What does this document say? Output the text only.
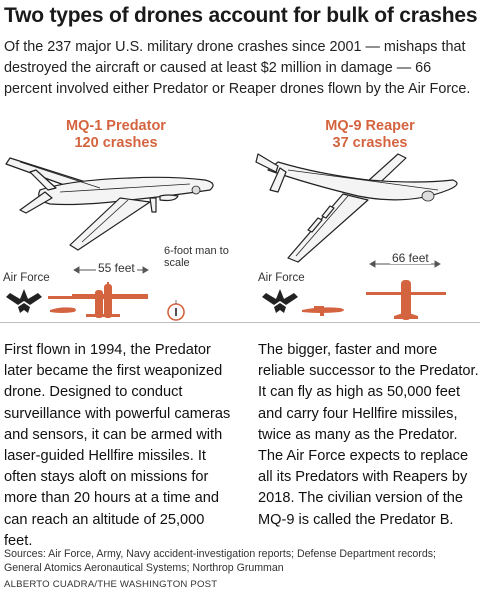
Two types of drones account for bulk of crashes
Of the 237 major U.S. military drone crashes since 2001 — mishaps that destroyed the aircraft or caused at least $2 million in damage — 66 percent involved either Predator or Reaper drones flown by the Air Force.
MQ-1 Predator
120 crashes
MQ-9 Reaper
37 crashes
6-foot man to scale
55 feet
66 feet
Air Force	Air Force
First flown in 1994, the Predator later became the first weaponized drone. Designed to conduct surveillance with powerful cameras and sensors, it can be armed with laser-guided Hellfire missiles. It often stays aloft on missions for more than 20 hours at a time and can reach an altitude of 25,000 feet.
The bigger, faster and more reliable successor to the Predator. It can fly as high as 50,000 feet and carry four Hellfire missiles, twice as many as the Predator. The Air Force expects to replace all its Predators with Reapers by 2018. The civilian version of the MQ-9 is called the Predator B.
Sources: Air Force, Army, Navy accident-investigation reports; Defense Department records; General Atomics Aeronautical Systems; Northrop Grumman
ALBERTO CUADRA/THE WASHINGTON POST
